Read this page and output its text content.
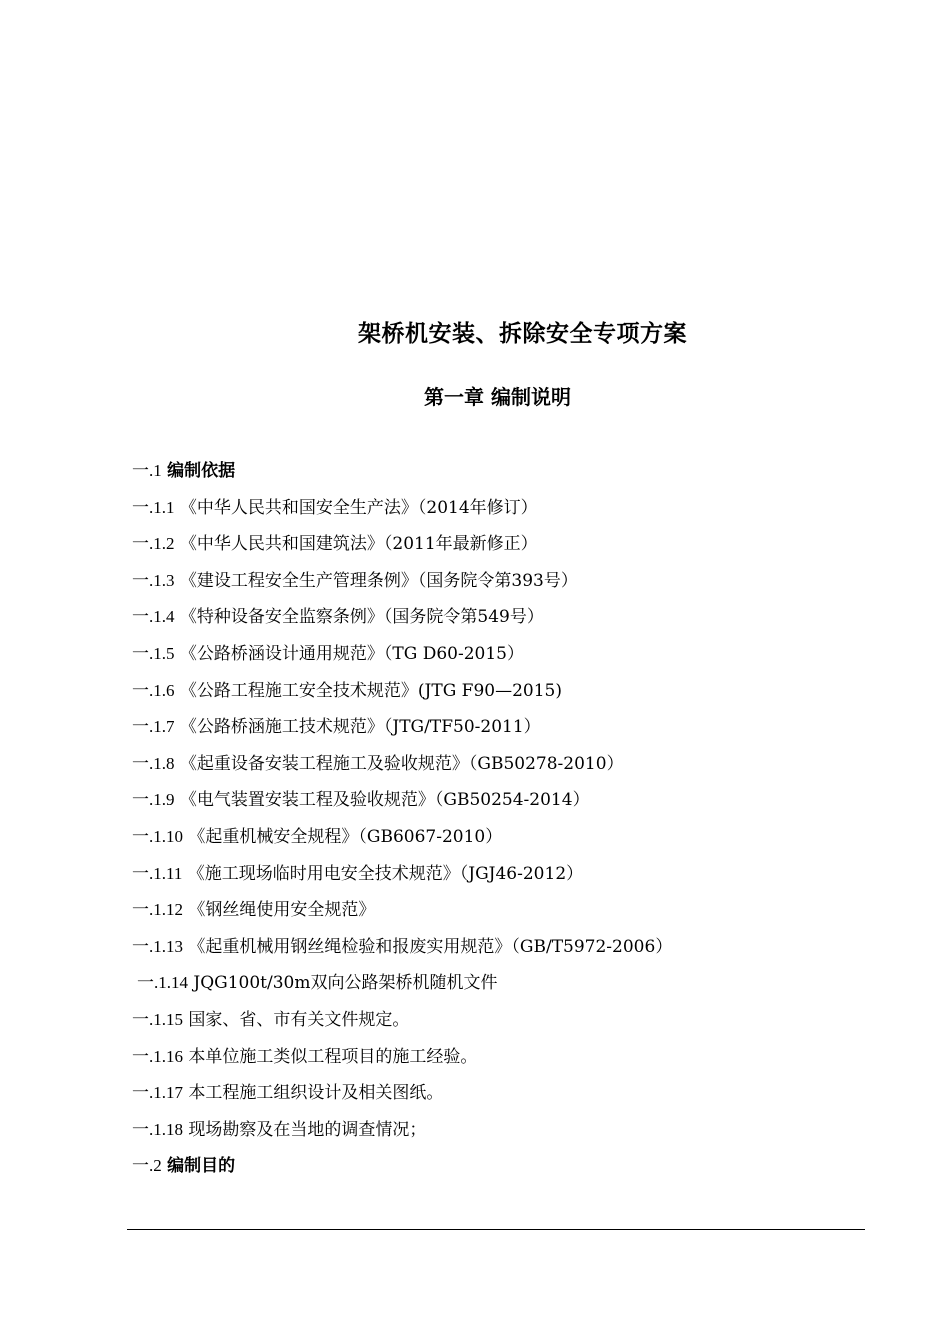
架桥机安装、拆除安全专项方案
第一章 编制说明
一.1 编制依据
一.1.1 《中华人民共和国安全生产法》（2014年修订）
一.1.2 《中华人民共和国建筑法》（2011年最新修正）
一.1.3 《建设工程安全生产管理条例》（国务院令第393号）
一.1.4 《特种设备安全监察条例》（国务院令第549号）
一.1.5 《公路桥涵设计通用规范》（TG D60-2015）
一.1.6 《公路工程施工安全技术规范》(JTG F90—2015)
一.1.7 《公路桥涵施工技术规范》（JTG/TF50-2011）
一.1.8 《起重设备安装工程施工及验收规范》（GB50278-2010）
一.1.9 《电气装置安装工程及验收规范》（GB50254-2014）
一.1.10 《起重机械安全规程》（GB6067-2010）
一.1.11 《施工现场临时用电安全技术规范》（JGJ46-2012）
一.1.12 《钢丝绳使用安全规范》
一.1.13 《起重机械用钢丝绳检验和报废实用规范》（GB/T5972-2006）
一.1.14 JQG100t/30m双向公路架桥机随机文件
一.1.15 国家、省、市有关文件规定。
一.1.16 本单位施工类似工程项目的施工经验。
一.1.17 本工程施工组织设计及相关图纸。
一.1.18 现场勘察及在当地的调查情况；
一.2 编制目的
